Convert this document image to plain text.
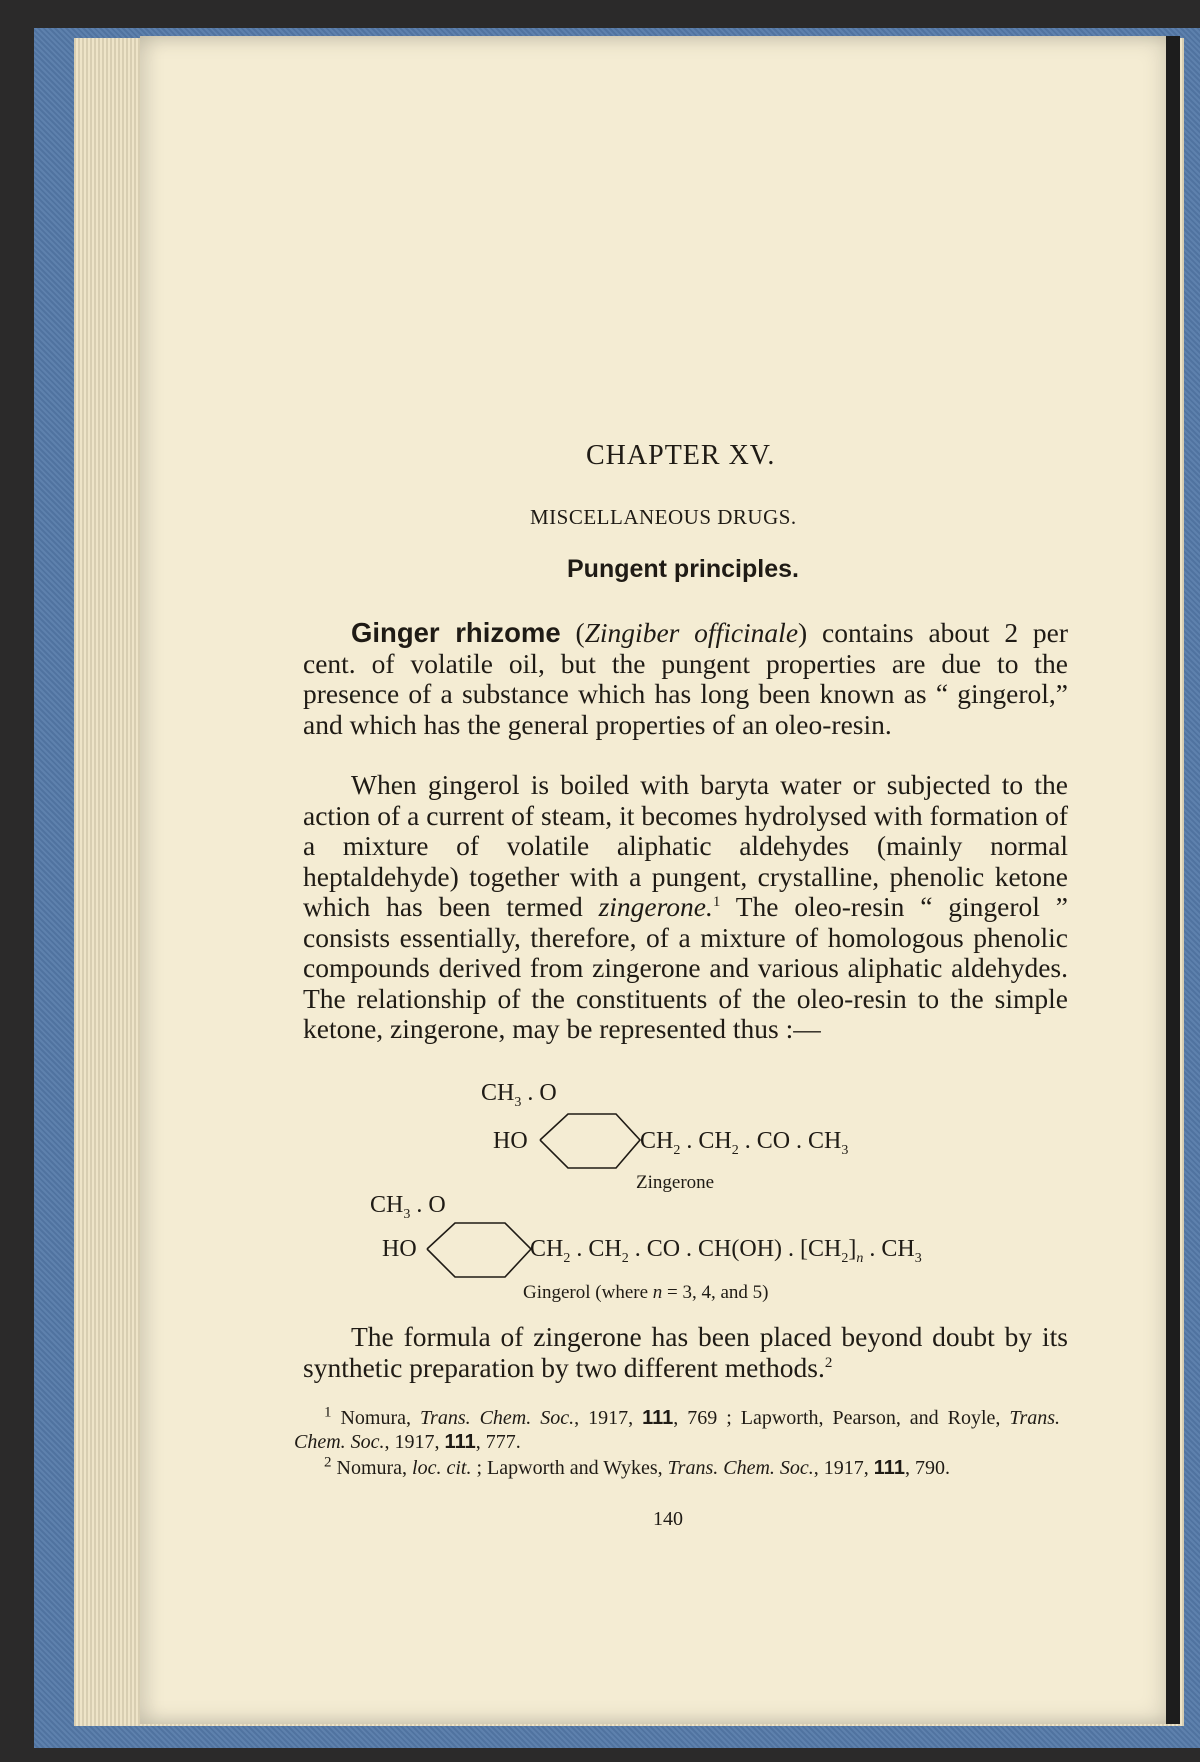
CHAPTER XV.
MISCELLANEOUS DRUGS.
Pungent principles.

Ginger rhizome (Zingiber officinale) contains about 2 per cent. of volatile oil, but the pungent properties are due to the presence of a substance which has long been known as “ gingerol,” and which has the general properties of an oleo-resin.

When gingerol is boiled with baryta water or subjected to the action of a current of steam, it becomes hydrolysed with formation of a mixture of volatile aliphatic aldehydes (mainly normal heptaldehyde) together with a pungent, crystalline, phenolic ketone which has been termed zingerone.$^1$ The oleo-resin “ gingerol ” consists essentially, therefore, of a mixture of homologous phenolic compounds derived from zingerone and various aliphatic aldehydes. The relationship of the constituents of the oleo-resin to the simple ketone, zingerone, may be represented thus :—

$CH_3$ . O
HO	$CH_2$ . $CH_2$ . CO . $CH_3$
Zingerone
$CH_3$ . O
HO	$CH_2$ . $CH_2$ . CO . CH(OH) . $[CH_2]_n$ . $CH_3$
Gingerol (where n = 3, 4, and 5)

The formula of zingerone has been placed beyond doubt by its synthetic preparation by two different methods.$^2$

$^1$ Nomura, Trans. Chem. Soc., 1917, 111, 769 ; Lapworth, Pearson, and Royle, Trans. Chem. Soc., 1917, 111, 777.
$^2$ Nomura, loc. cit. ; Lapworth and Wykes, Trans. Chem. Soc., 1917, 111, 790.
140
